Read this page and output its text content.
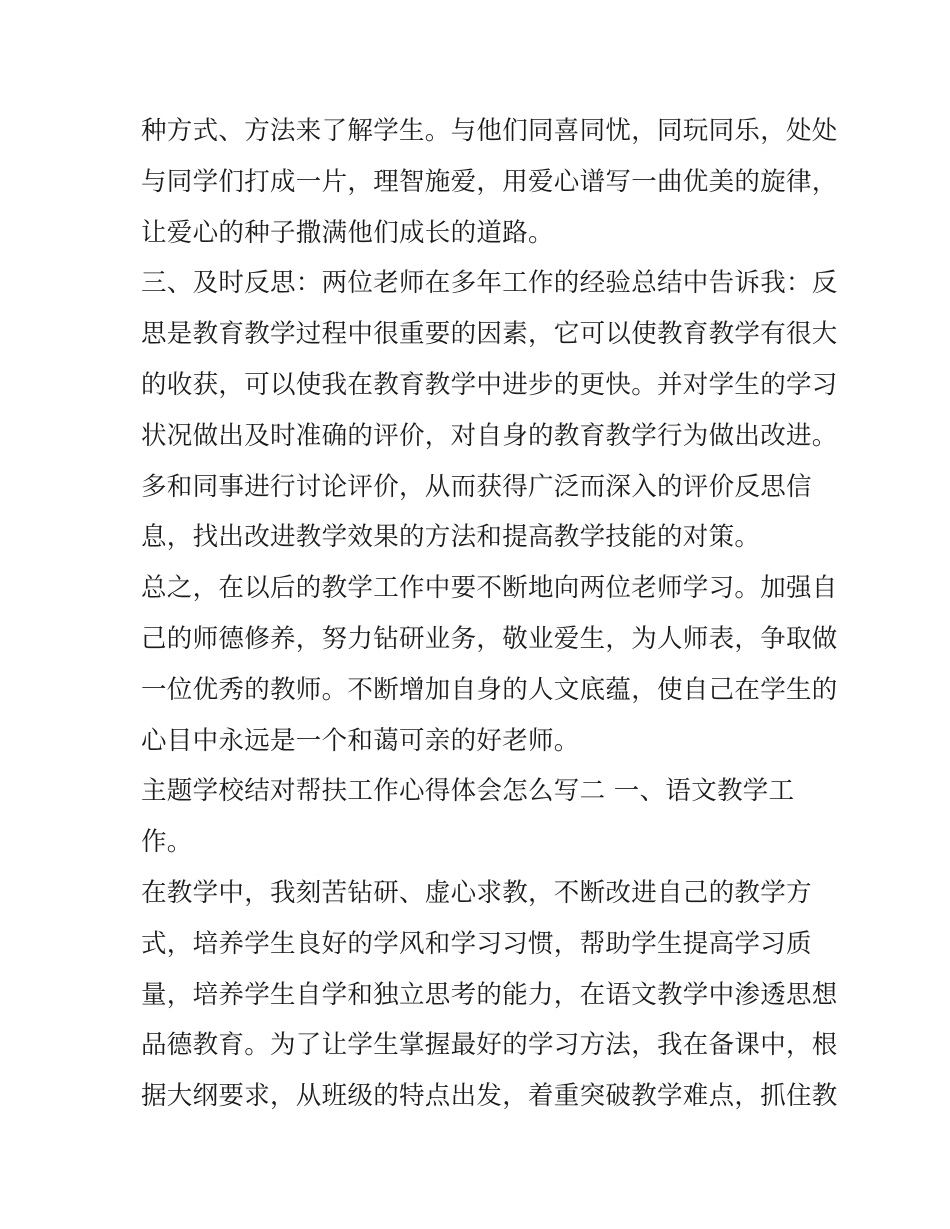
种方式、方法来了解学生。与他们同喜同忧，同玩同乐，处处
与同学们打成一片，理智施爱，用爱心谱写一曲优美的旋律，
让爱心的种子撒满他们成长的道路。
三、及时反思：两位老师在多年工作的经验总结中告诉我：反
思是教育教学过程中很重要的因素，它可以使教育教学有很大
的收获，可以使我在教育教学中进步的更快。并对学生的学习
状况做出及时准确的评价，对自身的教育教学行为做出改进。
多和同事进行讨论评价，从而获得广泛而深入的评价反思信
息，找出改进教学效果的方法和提高教学技能的对策。
总之，在以后的教学工作中要不断地向两位老师学习。加强自
己的师德修养，努力钻研业务，敬业爱生，为人师表，争取做
一位优秀的教师。不断增加自身的人文底蕴，使自己在学生的
心目中永远是一个和蔼可亲的好老师。
主题学校结对帮扶工作心得体会怎么写二 一、语文教学工
作。
在教学中，我刻苦钻研、虚心求教，不断改进自己的教学方
式，培养学生良好的学风和学习习惯，帮助学生提高学习质
量，培养学生自学和独立思考的能力，在语文教学中渗透思想
品德教育。为了让学生掌握最好的学习方法，我在备课中，根
据大纲要求，从班级的特点出发，着重突破教学难点，抓住教
